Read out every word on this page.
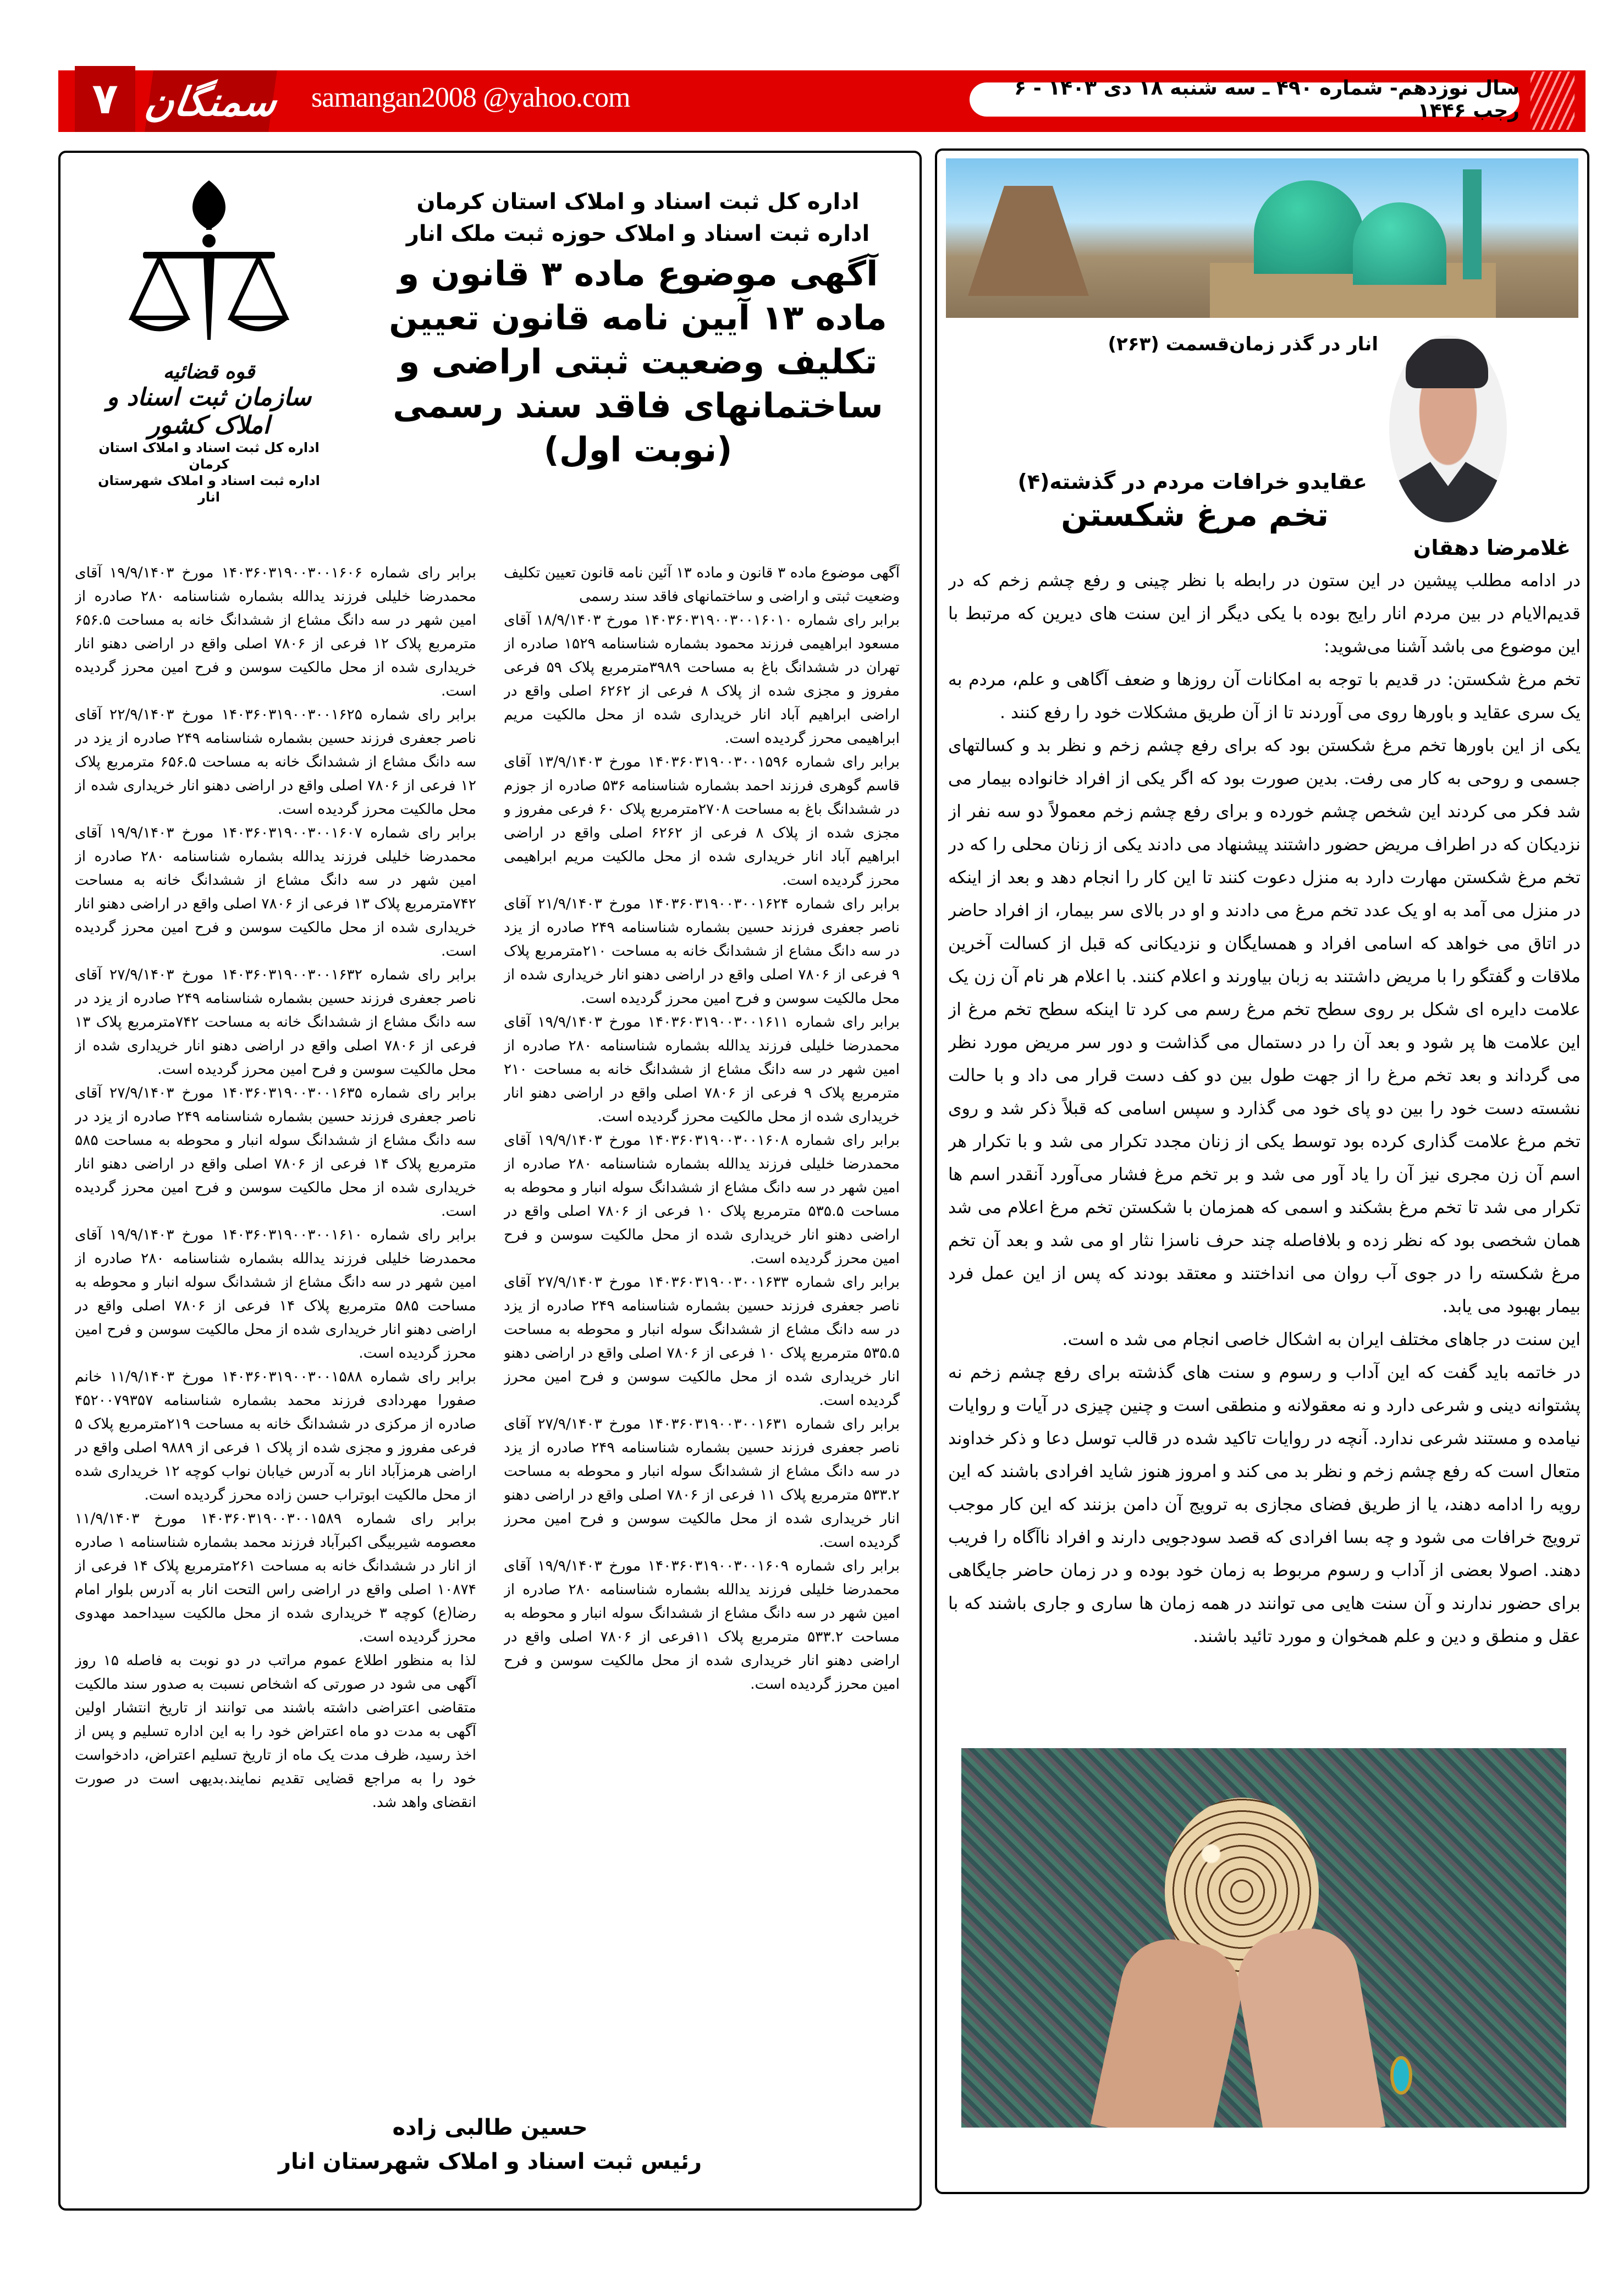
۷ سمنگان samangan2008 @yahoo.com	سال نوزدهم- شماره ۴۹۰ ـ سه شنبه ۱۸ دی ۱۴۰۳ - ۶ رجب ۱۴۴۶
قوه قضائیه
سازمان ثبت اسناد و املاک کشور
اداره کل ثبت اسناد و املاک استان کرمان
اداره ثبت اسناد و املاک شهرستان انار
اداره کل ثبت اسناد و املاک استان کرمان
اداره ثبت اسناد و املاک حوزه ثبت ملک انار
آگهی موضوع ماده ۳ قانون و ماده ۱۳ آیین نامه قانون تعیین تکلیف وضعیت ثبتی اراضی و ساختمانهای فاقد سند رسمی (نوبت اول)

آگهی موضوع ماده ۳ قانون و ماده ۱۳ آئین نامه قانون تعیین تکلیف وضعیت ثبتی و اراضی و ساختمانهای فاقد سند رسمی

برابر رای شماره ۱۴۰۳۶۰۳۱۹۰۰۳۰۰۱۶۰۱۰ مورخ ۱۸/۹/۱۴۰۳ آقای مسعود ابراهیمی فرزند محمود بشماره شناسنامه ۱۵۲۹ صادره از تهران در ششدانگ باغ به مساحت ۳۹۸۹مترمربع پلاک ۵۹ فرعی مفروز و مجزی شده از پلاک ۸ فرعی از ۶۲۶۲ اصلی واقع در اراضی ابراهیم آباد انار خریداری شده از محل مالکیت مریم ابراهیمی محرز گردیده است.

برابر رای شماره ۱۴۰۳۶۰۳۱۹۰۰۳۰۰۱۵۹۶ مورخ ۱۳/۹/۱۴۰۳ آقای قاسم گوهری فرزند احمد بشماره شناسنامه ۵۳۶ صادره از جوزم در ششدانگ باغ به مساحت ۲۷۰۸مترمربع پلاک ۶۰ فرعی مفروز و مجزی شده از پلاک ۸ فرعی از ۶۲۶۲ اصلی واقع در اراضی ابراهیم آباد انار خریداری شده از محل مالکیت مریم ابراهیمی محرز گردیده است.

برابر رای شماره ۱۴۰۳۶۰۳۱۹۰۰۳۰۰۱۶۲۴ مورخ ۲۱/۹/۱۴۰۳ آقای ناصر جعفری فرزند حسین بشماره شناسنامه ۲۴۹ صادره از یزد در سه دانگ مشاع از ششدانگ خانه به مساحت ۲۱۰مترمربع پلاک ۹ فرعی از ۷۸۰۶ اصلی واقع در اراضی دهنو انار خریداری شده از محل مالکیت سوسن و فرح امین محرز گردیده است.

برابر رای شماره ۱۴۰۳۶۰۳۱۹۰۰۳۰۰۱۶۱۱ مورخ ۱۹/۹/۱۴۰۳ آقای محمدرضا خلیلی فرزند یدالله بشماره شناسنامه ۲۸۰ صادره از امین شهر در سه دانگ مشاع از ششدانگ خانه به مساحت ۲۱۰ مترمربع پلاک ۹ فرعی از ۷۸۰۶ اصلی واقع در اراضی دهنو انار خریداری شده از محل مالکیت محرز گردیده است.

برابر رای شماره ۱۴۰۳۶۰۳۱۹۰۰۳۰۰۱۶۰۸ مورخ ۱۹/۹/۱۴۰۳ آقای محمدرضا خلیلی فرزند یدالله بشماره شناسنامه ۲۸۰ صادره از امین شهر در سه دانگ مشاع از ششدانگ سوله انبار و محوطه به مساحت ۵۳۵.۵ مترمربع پلاک ۱۰ فرعی از ۷۸۰۶ اصلی واقع در اراضی دهنو انار خریداری شده از محل مالکیت سوسن و فرح امین محرز گردیده است.

برابر رای شماره ۱۴۰۳۶۰۳۱۹۰۰۳۰۰۱۶۳۳ مورخ ۲۷/۹/۱۴۰۳ آقای ناصر جعفری فرزند حسین بشماره شناسنامه ۲۴۹ صادره از یزد در سه دانگ مشاع از ششدانگ سوله انبار و محوطه به مساحت ۵۳۵.۵ مترمربع پلاک ۱۰ فرعی از ۷۸۰۶ اصلی واقع در اراضی دهنو انار خریداری شده از محل مالکیت سوسن و فرح امین محرز گردیده است.

برابر رای شماره ۱۴۰۳۶۰۳۱۹۰۰۳۰۰۱۶۳۱ مورخ ۲۷/۹/۱۴۰۳ آقای ناصر جعفری فرزند حسین بشماره شناسنامه ۲۴۹ صادره از یزد در سه دانگ مشاع از ششدانگ سوله انبار و محوطه به مساحت ۵۳۳.۲ مترمربع پلاک ۱۱ فرعی از ۷۸۰۶ اصلی واقع در اراضی دهنو انار خریداری شده از محل مالکیت سوسن و فرح امین محرز گردیده است.

برابر رای شماره ۱۴۰۳۶۰۳۱۹۰۰۳۰۰۱۶۰۹ مورخ ۱۹/۹/۱۴۰۳ آقای محمدرضا خلیلی فرزند یدالله بشماره شناسنامه ۲۸۰ صادره از امین شهر در سه دانگ مشاع از ششدانگ سوله انبار و محوطه به مساحت ۵۳۳.۲ مترمربع پلاک ۱۱فرعی از ۷۸۰۶ اصلی واقع در اراضی دهنو انار خریداری شده از محل مالکیت سوسن و فرح امین محرز گردیده است.

برابر رای شماره ۱۴۰۳۶۰۳۱۹۰۰۳۰۰۱۶۰۶ مورخ ۱۹/۹/۱۴۰۳ آقای محمدرضا خلیلی فرزند یدالله بشماره شناسنامه ۲۸۰ صادره از امین شهر در سه دانگ مشاع از ششدانگ خانه به مساحت ۶۵۶.۵ مترمربع پلاک ۱۲ فرعی از ۷۸۰۶ اصلی واقع در اراضی دهنو انار خریداری شده از محل مالکیت سوسن و فرح امین محرز گردیده است.

برابر رای شماره ۱۴۰۳۶۰۳۱۹۰۰۳۰۰۱۶۲۵ مورخ ۲۲/۹/۱۴۰۳ آقای ناصر جعفری فرزند حسین بشماره شناسنامه ۲۴۹ صادره از یزد در سه دانگ مشاع از ششدانگ خانه به مساحت ۶۵۶.۵ مترمربع پلاک ۱۲ فرعی از ۷۸۰۶ اصلی واقع در اراضی دهنو انار خریداری شده از محل مالکیت محرز گردیده است.

برابر رای شماره ۱۴۰۳۶۰۳۱۹۰۰۳۰۰۱۶۰۷ مورخ ۱۹/۹/۱۴۰۳ آقای محمدرضا خلیلی فرزند یدالله بشماره شناسنامه ۲۸۰ صادره از امین شهر در سه دانگ مشاع از ششدانگ خانه به مساحت ۷۴۲مترمربع پلاک ۱۳ فرعی از ۷۸۰۶ اصلی واقع در اراضی دهنو انار خریداری شده از محل مالکیت سوسن و فرح امین محرز گردیده است.

برابر رای شماره ۱۴۰۳۶۰۳۱۹۰۰۳۰۰۱۶۳۲ مورخ ۲۷/۹/۱۴۰۳ آقای ناصر جعفری فرزند حسین بشماره شناسنامه ۲۴۹ صادره از یزد در سه دانگ مشاع از ششدانگ خانه به مساحت ۷۴۲مترمربع پلاک ۱۳ فرعی از ۷۸۰۶ اصلی واقع در اراضی دهنو انار خریداری شده از محل مالکیت سوسن و فرح امین محرز گردیده است.

برابر رای شماره ۱۴۰۳۶۰۳۱۹۰۰۳۰۰۱۶۳۵ مورخ ۲۷/۹/۱۴۰۳ آقای ناصر جعفری فرزند حسین بشماره شناسنامه ۲۴۹ صادره از یزد در سه دانگ مشاع از ششدانگ سوله انبار و محوطه به مساحت ۵۸۵ مترمربع پلاک ۱۴ فرعی از ۷۸۰۶ اصلی واقع در اراضی دهنو انار خریداری شده از محل مالکیت سوسن و فرح امین محرز گردیده است.

برابر رای شماره ۱۴۰۳۶۰۳۱۹۰۰۳۰۰۱۶۱۰ مورخ ۱۹/۹/۱۴۰۳ آقای محمدرضا خلیلی فرزند یدالله بشماره شناسنامه ۲۸۰ صادره از امین شهر در سه دانگ مشاع از ششدانگ سوله انبار و محوطه به مساحت ۵۸۵ مترمربع پلاک ۱۴ فرعی از ۷۸۰۶ اصلی واقع در اراضی دهنو انار خریداری شده از محل مالکیت سوسن و فرح امین محرز گردیده است.

برابر رای شماره ۱۴۰۳۶۰۳۱۹۰۰۳۰۰۱۵۸۸ مورخ ۱۱/۹/۱۴۰۳ خانم صفورا مهردادی فرزند محمد بشماره شناسنامه ۴۵۲۰۰۷۹۳۵۷ صادره از مرکزی در ششدانگ خانه به مساحت ۲۱۹مترمربع پلاک ۵ فرعی مفروز و مجزی شده از پلاک ۱ فرعی از ۹۸۸۹ اصلی واقع در اراضی هرمزآباد انار به آدرس خیابان نواب کوچه ۱۲ خریداری شده از محل مالکیت ابوتراب حسن زاده محرز گردیده است.

برابر رای شماره ۱۴۰۳۶۰۳۱۹۰۰۳۰۰۱۵۸۹ مورخ ۱۱/۹/۱۴۰۳ معصومه شیربیگی اکبرآباد فرزند محمد بشماره شناسنامه ۱ صادره از انار در ششدانگ خانه به مساحت ۲۶۱مترمربع پلاک ۱۴ فرعی از ۱۰۸۷۴ اصلی واقع در اراضی راس التحت انار به آدرس بلوار امام رضا(ع) کوچه ۳ خریداری شده از محل مالکیت سیداحمد مهدوی محرز گردیده است.

لذا به منظور اطلاع عموم مراتب در دو نوبت به فاصله ۱۵ روز آگهی می شود در صورتی که اشخاص نسبت به صدور سند مالکیت متقاضی اعتراضی داشته باشند می توانند از تاریخ انتشار اولین آگهی به مدت دو ماه اعتراض خود را به این اداره تسلیم و پس از اخذ رسید، ظرف مدت یک ماه از تاریخ تسلیم اعتراض، دادخواست خود را به مراجع قضایی تقدیم نمایند.بدیهی است در صورت انقضای واهد شد.

حسین طالبی زاده
رئیس ثبت اسناد و املاک شهرستان انار
انار در گذر زمان‌قسمت (۲۶۳)
عقایدو خرافات مردم در گذشته(۴)
تخم مرغ شکستن
غلامرضا دهقان

در ادامه مطلب پیشین در این ستون در رابطه با نظر چینی و رفع چشم زخم که در قدیم‌الایام در بین مردم انار رایج بوده با یکی دیگر از این سنت های دیرین که مرتبط با این موضوع می باشد آشنا می‌شوید:

تخم مرغ شکستن: در قدیم با توجه به امکانات آن روزها و ضعف آگاهی و علم، مردم به یک سری عقاید و باورها روی می آوردند تا از آن طریق مشکلات خود را رفع کنند .

یکی از این باورها تخم مرغ شکستن بود که برای رفع چشم زخم و نظر بد و کسالتهای جسمی و روحی به کار می رفت. بدین صورت بود که اگر یکی از افراد خانواده بیمار می شد فکر می کردند این شخص چشم خورده و برای رفع چشم زخم معمولاً دو سه نفر از نزدیکان که در اطراف مریض حضور داشتند پیشنهاد می دادند یکی از زنان محلی را که در تخم مرغ شکستن مهارت دارد به منزل دعوت کنند تا این کار را انجام دهد و بعد از اینکه در منزل می آمد به او یک عدد تخم مرغ می دادند و او در بالای سر بیمار، از افراد حاضر در اتاق می خواهد که اسامی افراد و همسایگان و نزدیکانی که قبل از کسالت آخرین ملاقات و گفتگو را با مریض داشتند به زبان بیاورند و اعلام کنند. با اعلام هر نام آن زن یک علامت دایره ای شکل بر روی سطح تخم مرغ رسم می کرد تا اینکه سطح تخم مرغ از این علامت ها پر شود و بعد آن را در دستمال می گذاشت و دور سر مریض مورد نظر می گرداند و بعد تخم مرغ را از جهت طول بین دو کف دست قرار می داد و با حالت نشسته دست خود را بین دو پای خود می گذارد و سپس اسامی که قبلاً ذکر شد و روی تخم مرغ علامت گذاری کرده بود توسط یکی از زنان مجدد تکرار می شد و با تکرار هر اسم آن زن مجری نیز آن را یاد آور می شد و بر تخم مرغ فشار می‌آورد آنقدر اسم ها تکرار می شد تا تخم مرغ بشکند و اسمی که همزمان با شکستن تخم مرغ اعلام می شد همان شخصی بود که نظر زده و بلافاصله چند حرف ناسزا نثار او می شد و بعد آن تخم مرغ شکسته را در جوی آب روان می انداختند و معتقد بودند که پس از این عمل فرد بیمار بهبود می یابد.

این سنت در جاهای مختلف ایران به اشکال خاصی انجام می شد ه است.

در خاتمه باید گفت که این آداب و رسوم و سنت های گذشته برای رفع چشم زخم نه پشتوانه دینی و شرعی دارد و نه معقولانه و منطقی است و چنین چیزی در آیات و روایات نیامده و مستند شرعی ندارد. آنچه در روایات تاکید شده در قالب توسل دعا و ذکر خداوند متعال است که رفع چشم زخم و نظر بد می کند و امروز هنوز شاید افرادی باشند که این رویه را ادامه دهند، یا از طریق فضای مجازی به ترویج آن دامن بزنند که این کار موجب ترویج خرافات می شود و چه بسا افرادی که قصد سودجویی دارند و افراد ناآگاه را فریب دهند. اصولا بعضی از آداب و رسوم مربوط به زمان خود بوده و در زمان حاضر جایگاهی برای حضور ندارند و آن سنت هایی می توانند در همه زمان ها ساری و جاری باشند که با عقل و منطق و دین و علم همخوان و مورد تائید باشند.
